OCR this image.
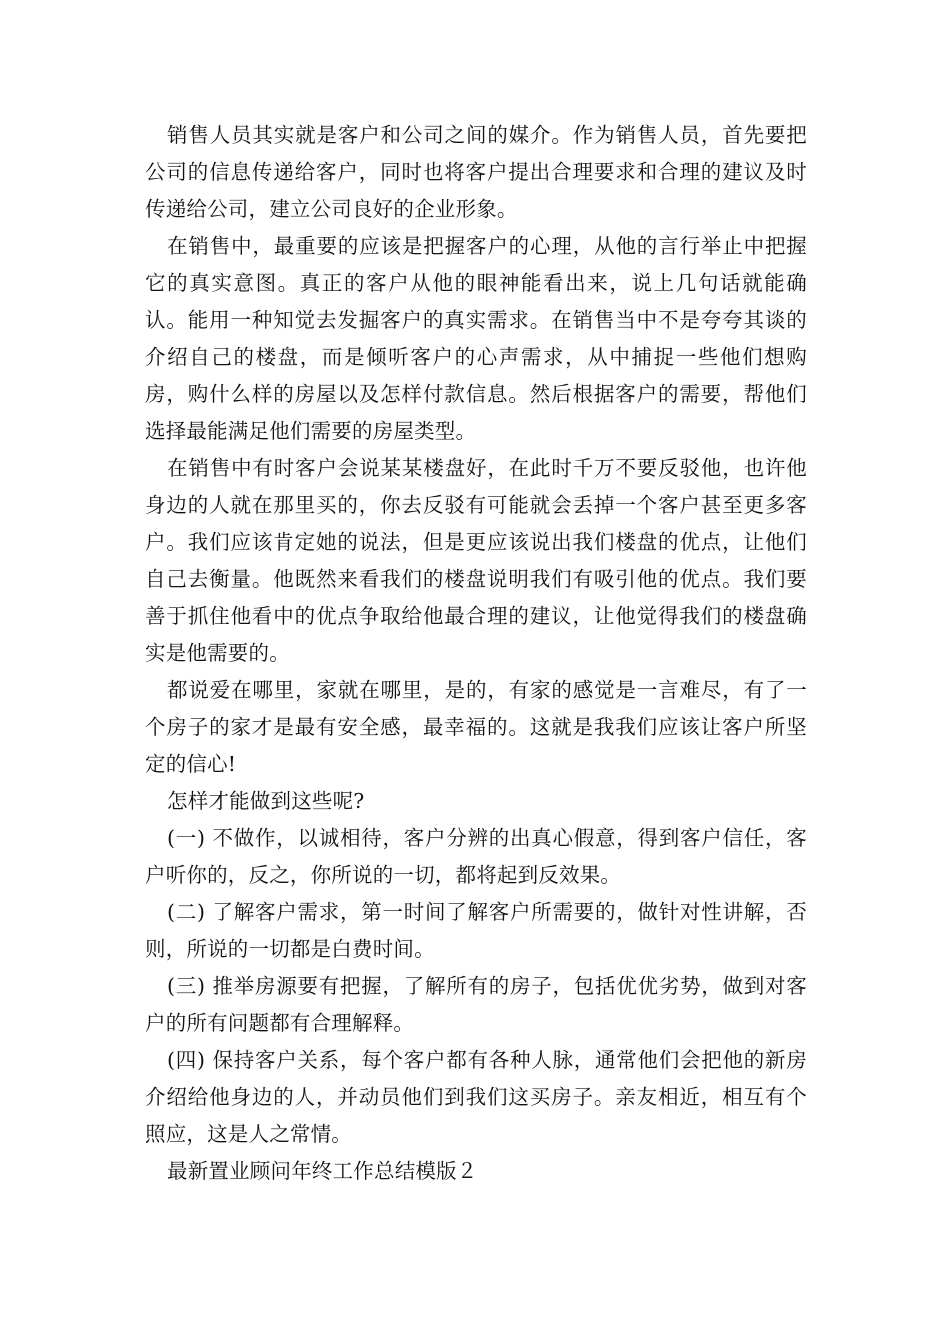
销售人员其实就是客户和公司之间的媒介。作为销售人员，首先要把公司的信息传递给客户，同时也将客户提出合理要求和合理的建议及时传递给公司，建立公司良好的企业形象。

在销售中，最重要的应该是把握客户的心理，从他的言行举止中把握它的真实意图。真正的客户从他的眼神能看出来，说上几句话就能确认。能用一种知觉去发掘客户的真实需求。在销售当中不是夸夸其谈的介绍自己的楼盘，而是倾听客户的心声需求，从中捕捉一些他们想购房，购什么样的房屋以及怎样付款信息。然后根据客户的需要，帮他们选择最能满足他们需要的房屋类型。

在销售中有时客户会说某某楼盘好，在此时千万不要反驳他，也许他身边的人就在那里买的，你去反驳有可能就会丢掉一个客户甚至更多客户。我们应该肯定她的说法，但是更应该说出我们楼盘的优点，让他们自己去衡量。他既然来看我们的楼盘说明我们有吸引他的优点。我们要善于抓住他看中的优点争取给他最合理的建议，让他觉得我们的楼盘确实是他需要的。

都说爱在哪里，家就在哪里，是的，有家的感觉是一言难尽，有了一个房子的家才是最有安全感，最幸福的。这就是我我们应该让客户所坚定的信心!

怎样才能做到这些呢?

(一) 不做作，以诚相待，客户分辨的出真心假意，得到客户信任，客户听你的，反之，你所说的一切，都将起到反效果。

(二) 了解客户需求，第一时间了解客户所需要的，做针对性讲解，否则，所说的一切都是白费时间。

(三) 推举房源要有把握，了解所有的房子，包括优优劣势，做到对客户的所有问题都有合理解释。

(四) 保持客户关系，每个客户都有各种人脉，通常他们会把他的新房介绍给他身边的人，并动员他们到我们这买房子。亲友相近，相互有个照应，这是人之常情。

最新置业顾问年终工作总结模版２
